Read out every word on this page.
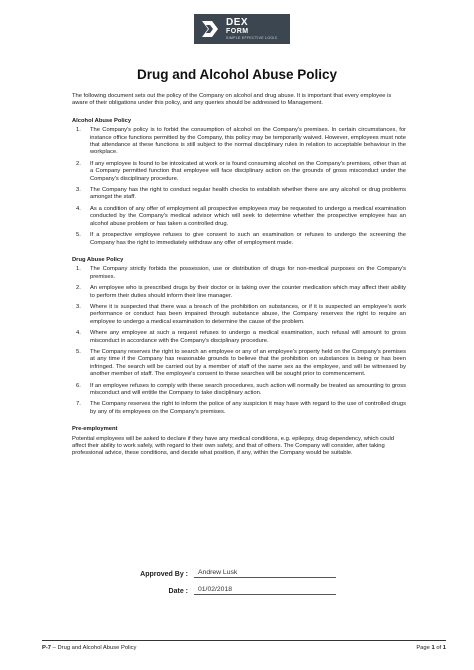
DEX
FORM
SIMPLE EFFECTIVE LOGIC
Drug and Alcohol Abuse Policy

The following document sets out the policy of the Company on alcohol and drug abuse. It is important that every employee is aware of their obligations under this policy, and any queries should be addressed to Management.

Alcohol Abuse Policy
1.	The Company's policy is to forbid the consumption of alcohol on the Company's premises. In certain circumstances, for instance office functions permitted by the Company, this policy may be temporarily waived. However, employees must note that attendance at these functions is still subject to the normal disciplinary rules in relation to acceptable behaviour in the workplace.
2.	If any employee is found to be intoxicated at work or is found consuming alcohol on the Company's premises, other than at a Company permitted function that employee will face disciplinary action on the grounds of gross misconduct under the Company's disciplinary procedure.
3.	The Company has the right to conduct regular health checks to establish whether there are any alcohol or drug problems amongst the staff.
4.	As a condition of any offer of employment all prospective employees may be requested to undergo a medical examination conducted by the Company's medical advisor which will seek to determine whether the prospective employee has an alcohol abuse problem or has taken a controlled drug.
5.	If a prospective employee refuses to give consent to such an examination or refuses to undergo the screening the Company has the right to immediately withdraw any offer of employment made.
Drug Abuse Policy
1.	The Company strictly forbids the possession, use or distribution of drugs for non-medical purposes on the Company's premises.
2.	An employee who is prescribed drugs by their doctor or is taking over the counter medication which may affect their ability to perform their duties should inform their line manager.
3.	Where it is suspected that there was a breach of the prohibition on substances, or if it is suspected an employee's work performance or conduct has been impaired through substance abuse, the Company reserves the right to require an employee to undergo a medical examination to determine the cause of the problem.
4.	Where any employee at such a request refuses to undergo a medical examination, such refusal will amount to gross misconduct in accordance with the Company's disciplinary procedure.
5.	The Company reserves the right to search an employee or any of an employee's property held on the Company's premises at any time if the Company has reasonable grounds to believe that the prohibition on substances is being or has been infringed. The search will be carried out by a member of staff of the same sex as the employee, and will be witnessed by another member of staff. The employee's consent to these searches will be sought prior to commencement.
6.	If an employee refuses to comply with these search procedures, such action will normally be treated as amounting to gross misconduct and will entitle the Company to take disciplinary action.
7.	The Company reserves the right to inform the police of any suspicion it may have with regard to the use of controlled drugs by any of its employees on the Company's premises.
Pre-employment

Potential employees will be asked to declare if they have any medical conditions, e.g. epilepsy, drug dependency, which could affect their ability to work safely, with regard to their own safety, and that of others. The Company will consider, after taking professional advice, these conditions, and decide what position, if any, within the Company would be suitable.

Approved By :	Andrew Lusk
Date :	01/02/2018
P-7 – Drug and Alcohol Abuse Policy	Page 1 of 1
